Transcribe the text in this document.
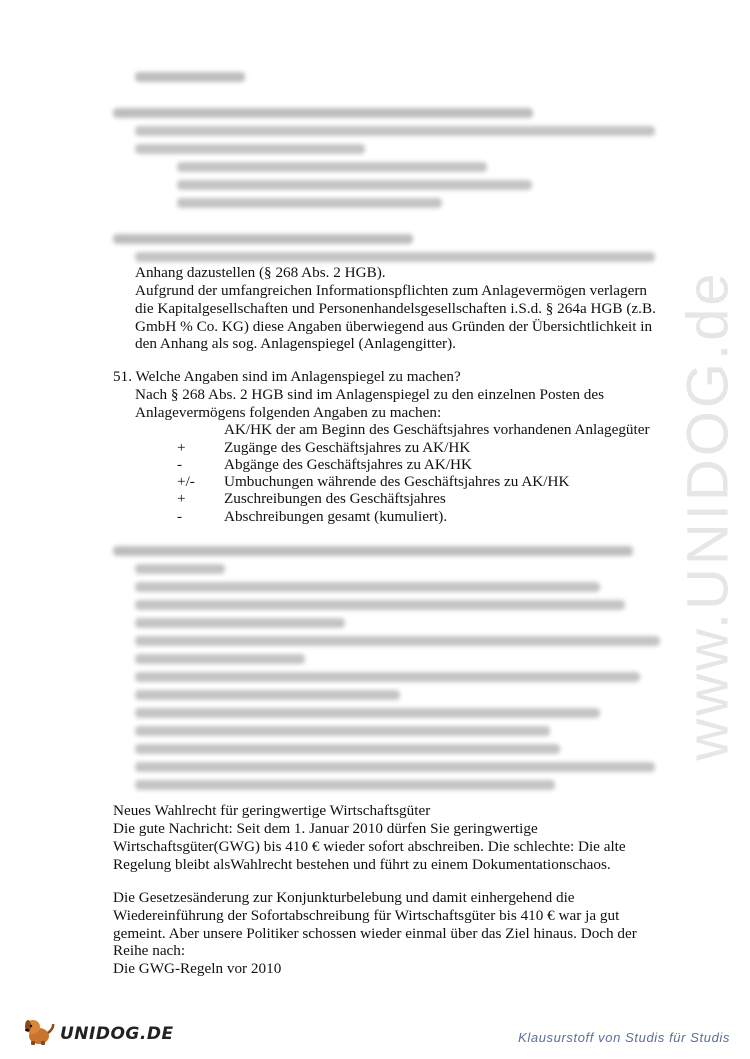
www.UNIDOG.de
Anhang dazustellen (§ 268 Abs. 2 HGB).
Aufgrund der umfangreichen Informationspflichten zum Anlagevermögen verlagern
die Kapitalgesellschaften und Personenhandelsgesellschaften i.S.d. § 264a HGB (z.B.
GmbH % Co. KG) diese Angaben überwiegend aus Gründen der Übersichtlichkeit in
den Anhang als sog. Anlagenspiegel (Anlagengitter).
51. Welche Angaben sind im Anlagenspiegel zu machen?
Nach § 268 Abs. 2 HGB sind im Anlagenspiegel zu den einzelnen Posten des
Anlagevermögens folgenden Angaben zu machen:
AK/HK der am Beginn des Geschäftsjahres vorhandenen Anlagegüter
+	Zugänge des Geschäftsjahres zu AK/HK
-	Abgänge des Geschäftsjahres zu AK/HK
+/- Umbuchungen währende des Geschäftsjahres zu AK/HK
+	Zuschreibungen des Geschäftsjahres
-	Abschreibungen gesamt (kumuliert).
Neues Wahlrecht für geringwertige Wirtschaftsgüter
Die gute Nachricht: Seit dem 1. Januar 2010 dürfen Sie geringwertige
Wirtschaftsgüter(GWG) bis 410 € wieder sofort abschreiben. Die schlechte: Die alte
Regelung bleibt alsWahlrecht bestehen und führt zu einem Dokumentationschaos.
Die Gesetzesänderung zur Konjunkturbelebung und damit einhergehend die
Wiedereinführung der Sofortabschreibung für Wirtschaftsgüter bis 410 € war ja gut
gemeint. Aber unsere Politiker schossen wieder einmal über das Ziel hinaus. Doch der
Reihe nach:
Die GWG-Regeln vor 2010
UNIDOG.DE	Klausurstoff von Studis für Studis
